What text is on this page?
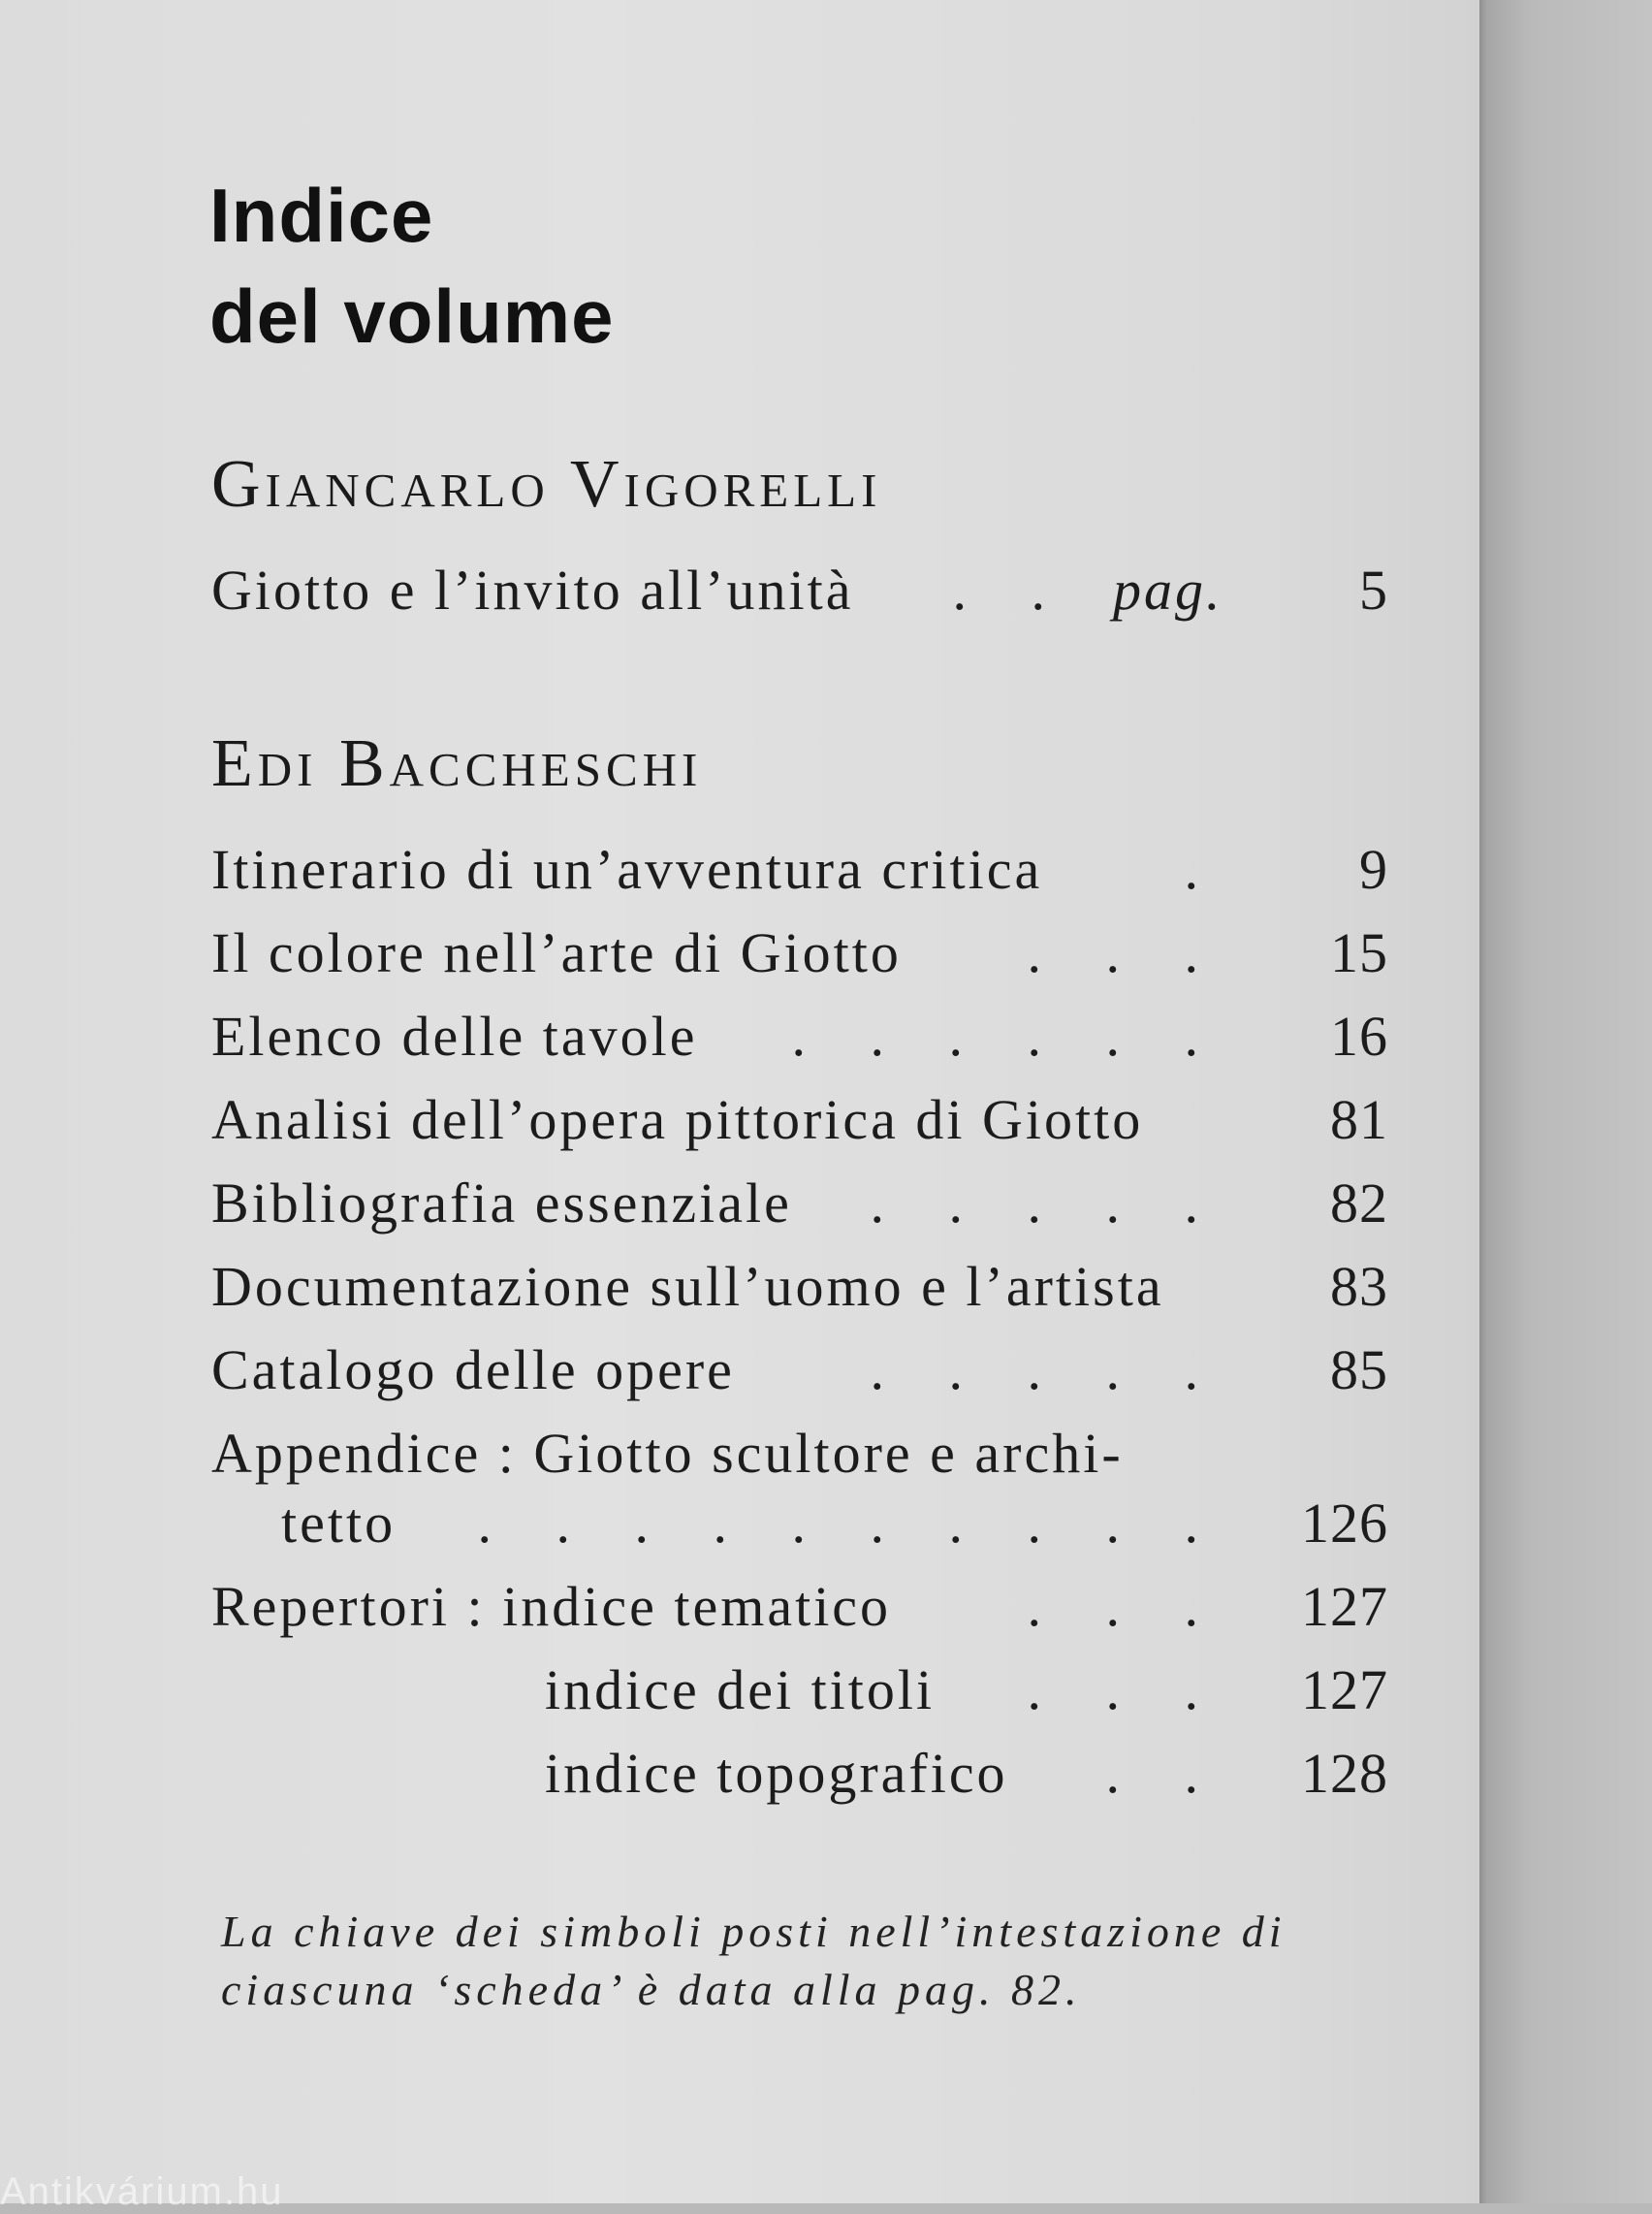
Indice
del volume
Giancarlo Vigorelli
Giotto e l’invito all’unità . . pag. 5
Edi Baccheschi
Itinerario di un’avventura critica	. 9
Il colore nell’arte di Giotto . . . 15
Elenco delle tavole . . . . . . 16
Analisi dell’opera pittorica di Giotto	81
Bibliografia essenziale . . . . . 82
Documentazione sull’uomo e l’artista	83
Catalogo delle opere . . . . . 85
Appendice : Giotto scultore e archi-
tetto . . . . . . . . . . 126
Repertori : indice tematico . . . 127
indice dei titoli . . . 127
indice topografico . . 128

La chiave dei simboli posti nell’intestazione di ciascuna ‘scheda’ è data alla pag. 82.

Antikvárium.hu
